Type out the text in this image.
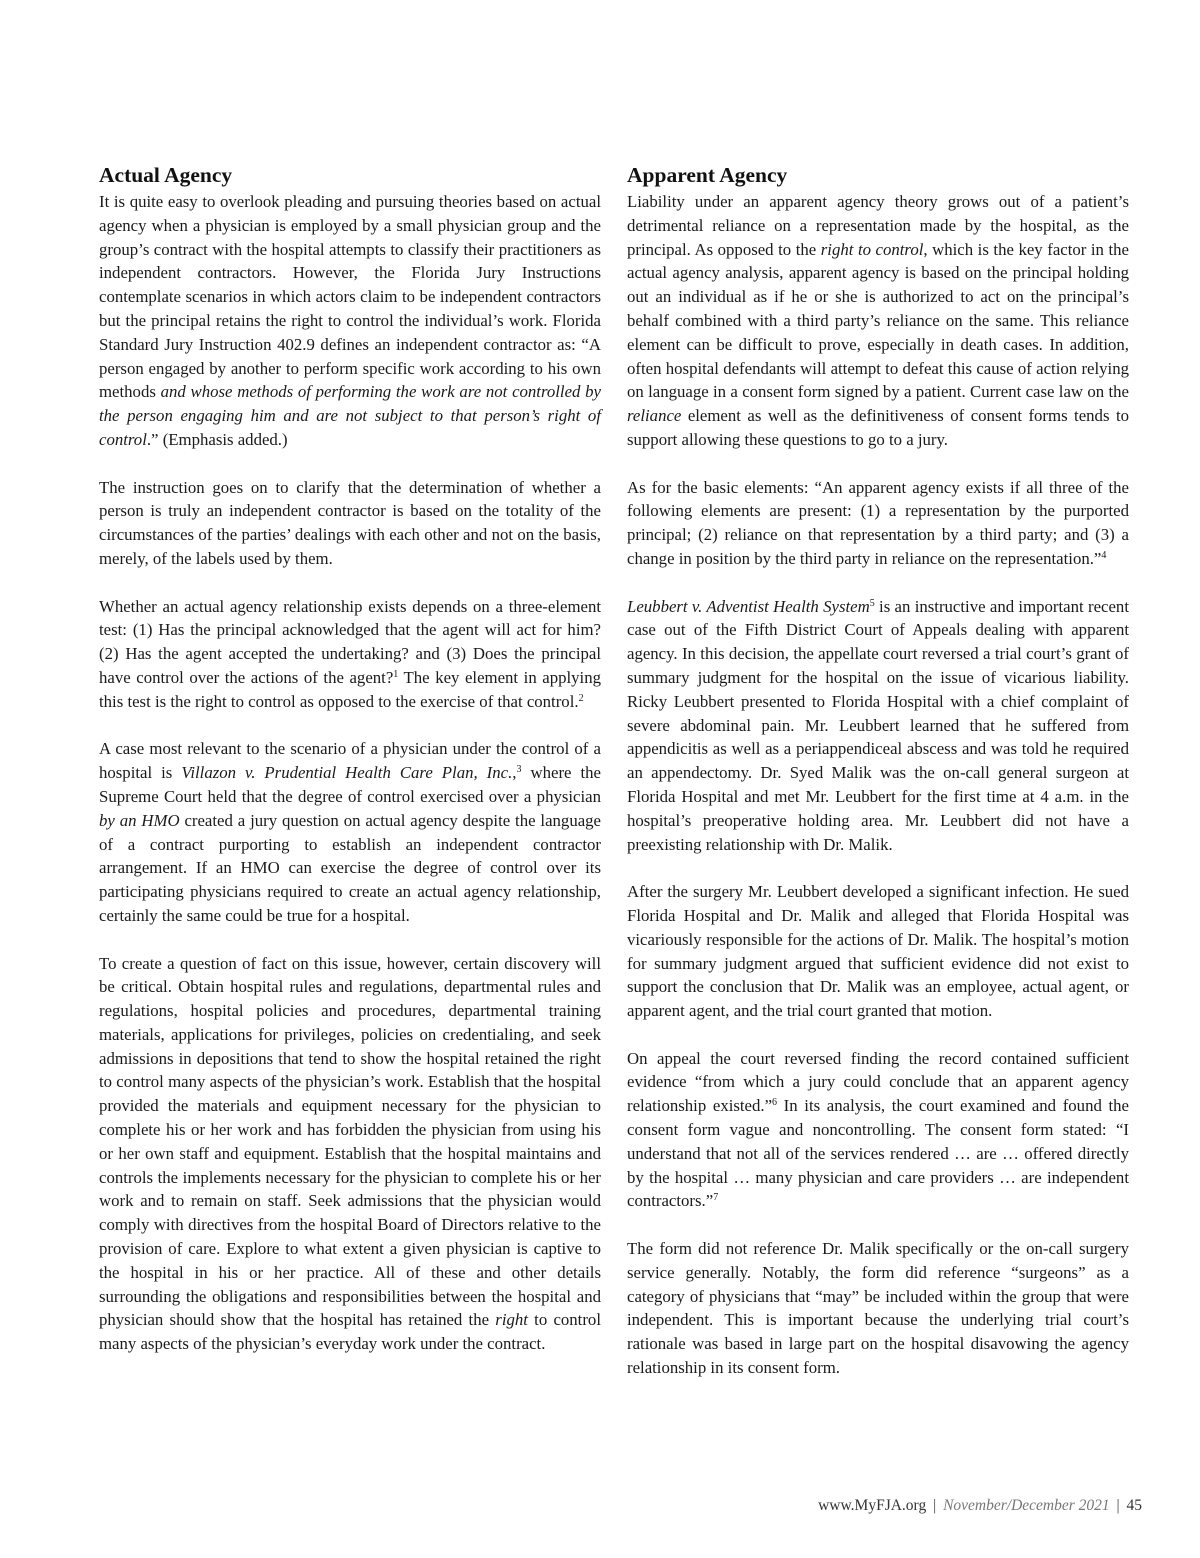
Actual Agency

It is quite easy to overlook pleading and pursuing theories based on actual agency when a physician is employed by a small physician group and the group’s contract with the hospital attempts to classify their practitioners as independent contractors. However, the Florida Jury Instructions contemplate scenarios in which actors claim to be independent contractors but the principal retains the right to control the individual’s work. Florida Standard Jury Instruction 402.9 defines an independent contractor as: “A person engaged by another to perform specific work according to his own methods and whose methods of performing the work are not controlled by the person engaging him and are not subject to that person’s right of control.” (Emphasis added.)

The instruction goes on to clarify that the determination of whether a person is truly an independent contractor is based on the totality of the circumstances of the parties’ dealings with each other and not on the basis, merely, of the labels used by them.

Whether an actual agency relationship exists depends on a three-element test: (1) Has the principal acknowledged that the agent will act for him? (2) Has the agent accepted the undertaking? and (3) Does the principal have control over the actions of the agent?$^1$ The key element in applying this test is the right to control as opposed to the exercise of that control.$^2$

A case most relevant to the scenario of a physician under the control of a hospital is Villazon v. Prudential Health Care Plan, Inc.,$^3$ where the Supreme Court held that the degree of control exercised over a physician by an HMO created a jury question on actual agency despite the language of a contract purporting to establish an independent contractor arrangement. If an HMO can exercise the degree of control over its participating physicians required to create an actual agency relationship, certainly the same could be true for a hospital.

To create a question of fact on this issue, however, certain discovery will be critical. Obtain hospital rules and regulations, departmental rules and regulations, hospital policies and procedures, departmental training materials, applications for privileges, policies on credentialing, and seek admissions in depositions that tend to show the hospital retained the right to control many aspects of the physician’s work. Establish that the hospital provided the materials and equipment necessary for the physician to complete his or her work and has forbidden the physician from using his or her own staff and equipment. Establish that the hospital maintains and controls the implements necessary for the physician to complete his or her work and to remain on staff. Seek admissions that the physician would comply with directives from the hospital Board of Directors relative to the provision of care. Explore to what extent a given physician is captive to the hospital in his or her practice. All of these and other details surrounding the obligations and responsibilities between the hospital and physician should show that the hospital has retained the right to control many aspects of the physician’s everyday work under the contract.

Apparent Agency

Liability under an apparent agency theory grows out of a patient’s detrimental reliance on a representation made by the hospital, as the principal. As opposed to the right to control, which is the key factor in the actual agency analysis, apparent agency is based on the principal holding out an individual as if he or she is authorized to act on the principal’s behalf combined with a third party’s reliance on the same. This reliance element can be difficult to prove, especially in death cases. In addition, often hospital defendants will attempt to defeat this cause of action relying on language in a consent form signed by a patient. Current case law on the reliance element as well as the definitiveness of consent forms tends to support allowing these questions to go to a jury.

As for the basic elements: “An apparent agency exists if all three of the following elements are present: (1) a representation by the purported principal; (2) reliance on that representation by a third party; and (3) a change in position by the third party in reliance on the representation.”$^4$

Leubbert v. Adventist Health System$^5$ is an instructive and important recent case out of the Fifth District Court of Appeals dealing with apparent agency. In this decision, the appellate court reversed a trial court’s grant of summary judgment for the hospital on the issue of vicarious liability. Ricky Leubbert presented to Florida Hospital with a chief complaint of severe abdominal pain. Mr. Leubbert learned that he suffered from appendicitis as well as a periappendiceal abscess and was told he required an appendectomy. Dr. Syed Malik was the on-call general surgeon at Florida Hospital and met Mr. Leubbert for the first time at 4 a.m. in the hospital’s preoperative holding area. Mr. Leubbert did not have a preexisting relationship with Dr. Malik.

After the surgery Mr. Leubbert developed a significant infection. He sued Florida Hospital and Dr. Malik and alleged that Florida Hospital was vicariously responsible for the actions of Dr. Malik. The hospital’s motion for summary judgment argued that sufficient evidence did not exist to support the conclusion that Dr. Malik was an employee, actual agent, or apparent agent, and the trial court granted that motion.

On appeal the court reversed finding the record contained sufficient evidence “from which a jury could conclude that an apparent agency relationship existed.”$^6$ In its analysis, the court examined and found the consent form vague and noncontrolling. The consent form stated: “I understand that not all of the services rendered … are … offered directly by the hospital … many physician and care providers … are independent contractors.”$^7$

The form did not reference Dr. Malik specifically or the on-call surgery service generally. Notably, the form did reference “surgeons” as a category of physicians that “may” be included within the group that were independent. This is important because the underlying trial court’s rationale was based in large part on the hospital disavowing the agency relationship in its consent form.

www.MyFJA.org | November/December 2021 | 45
